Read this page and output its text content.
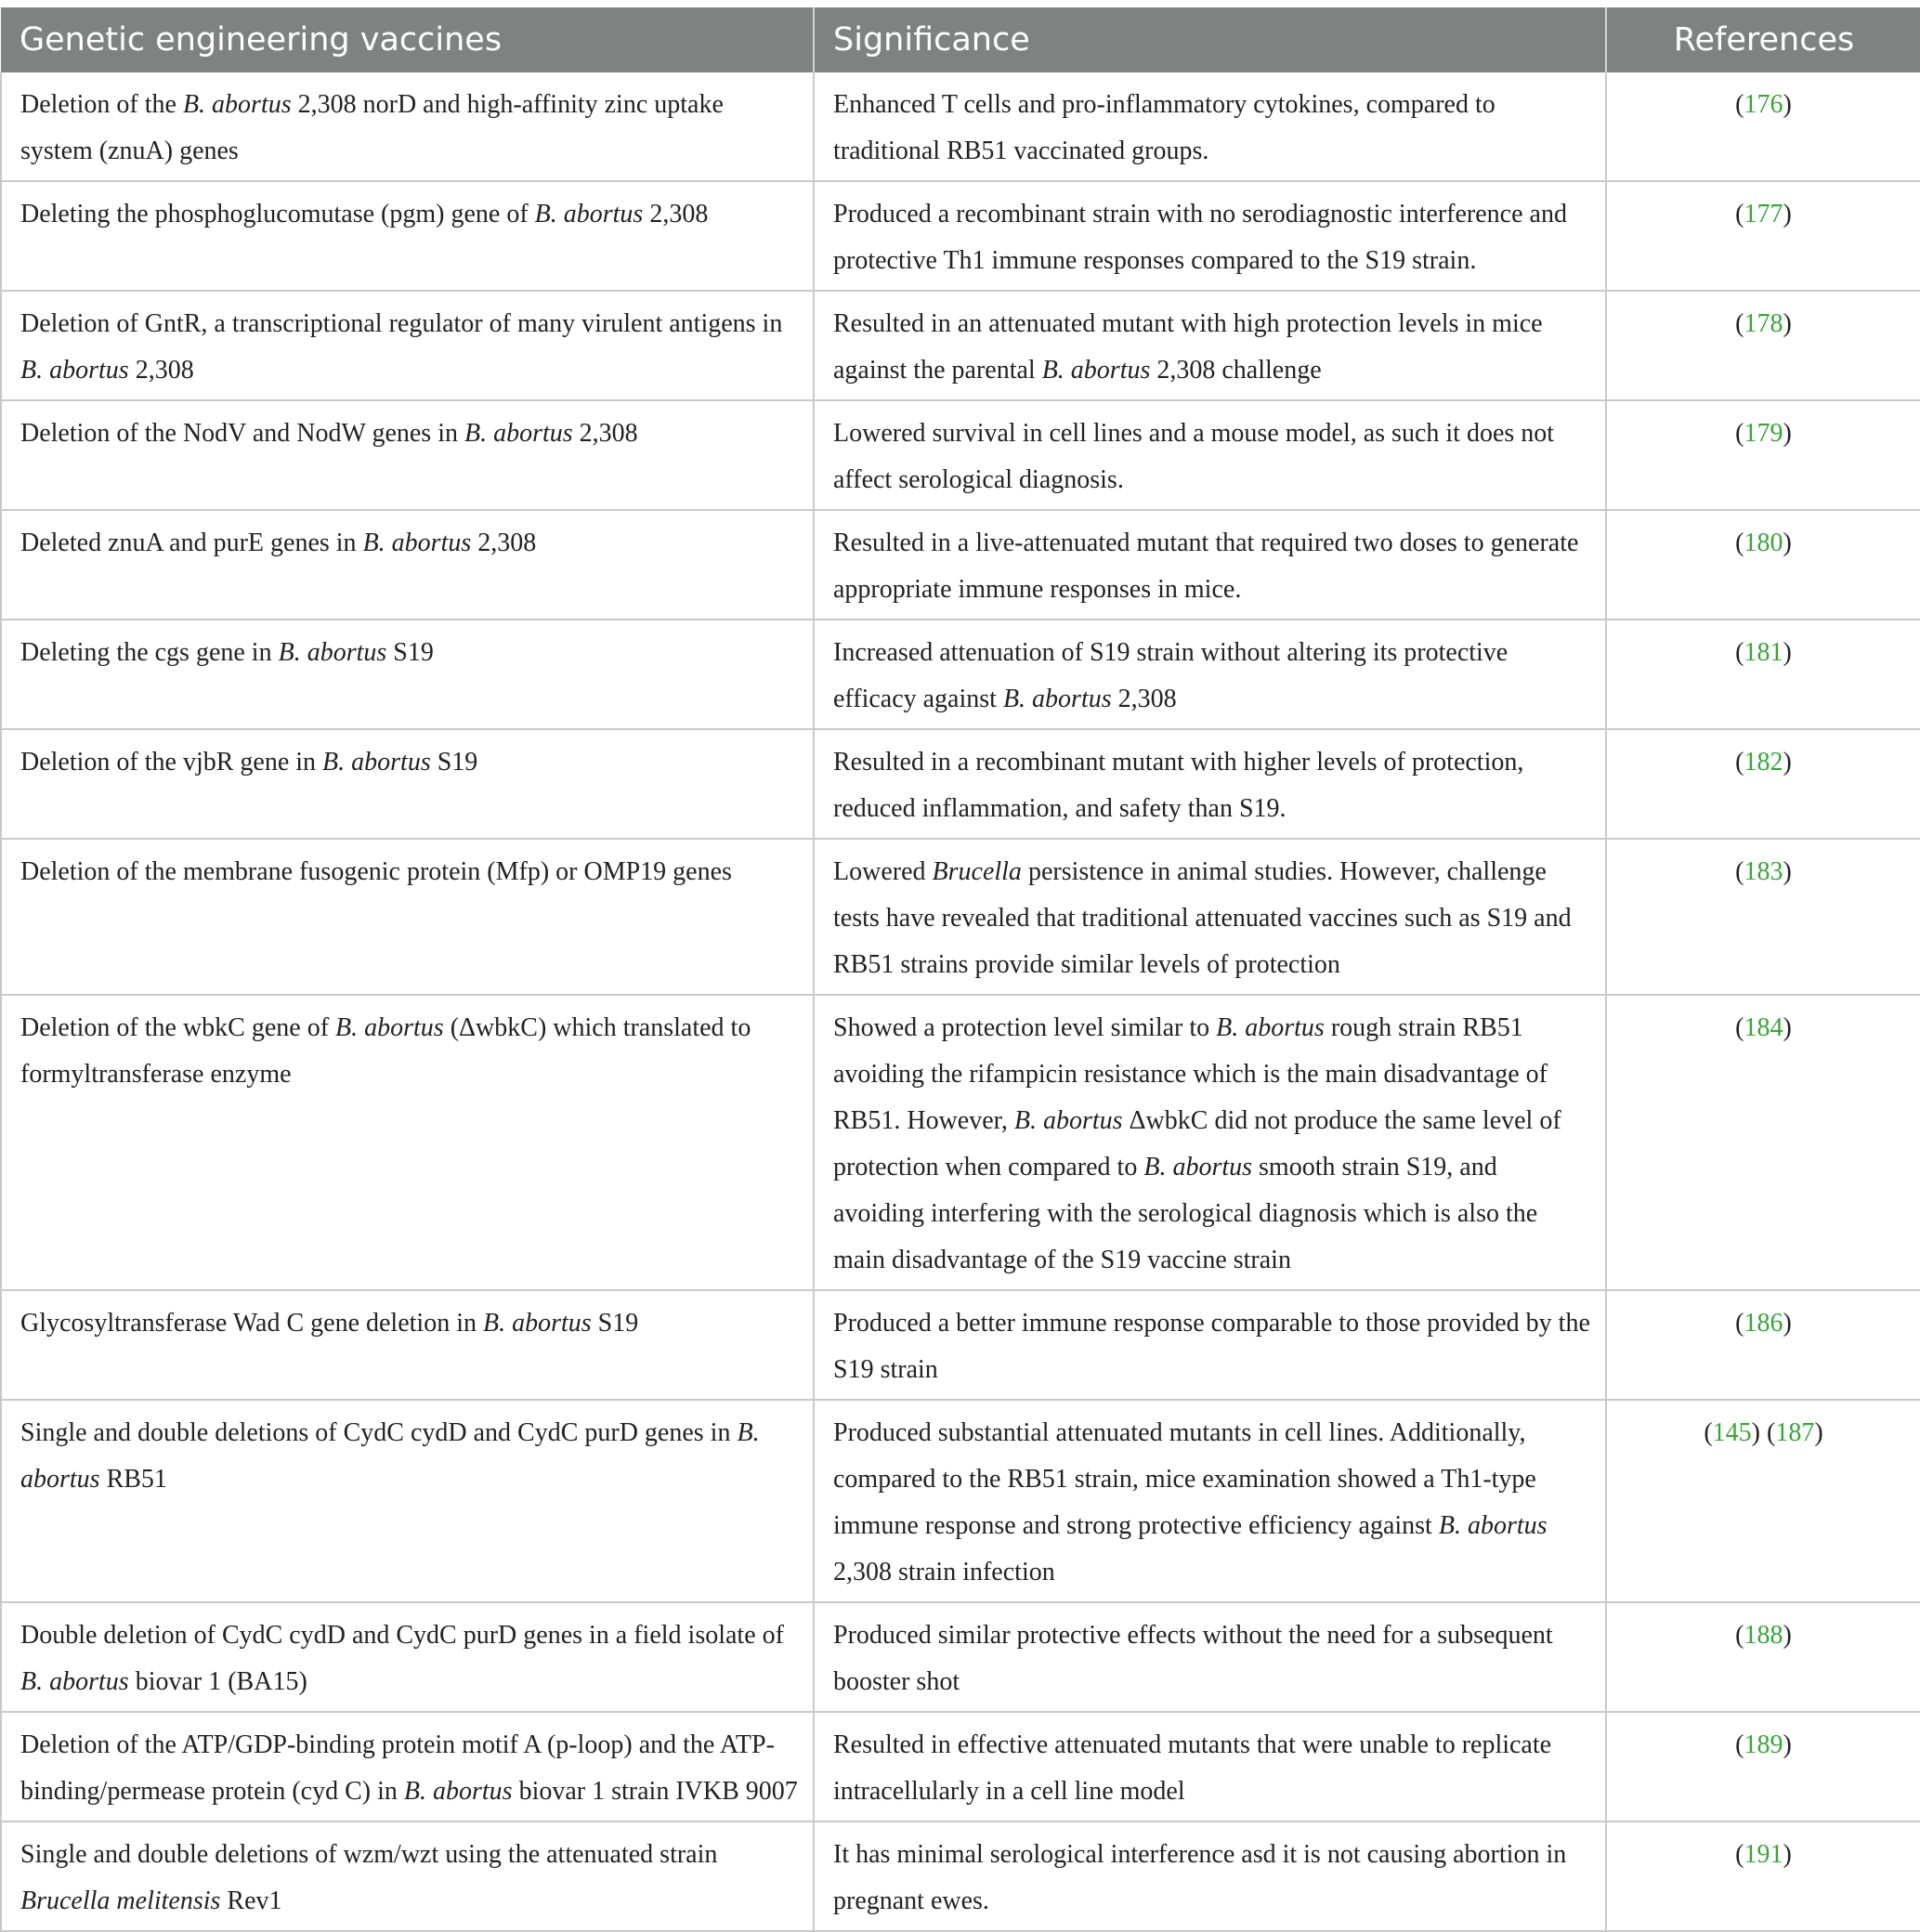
Genetic engineering vaccines	Significance	References
Deletion of the B. abortus 2,308 norD and high-affinity zinc uptake system (znuA) genes	Enhanced T cells and pro-inflammatory cytokines, compared to traditional RB51 vaccinated groups.	(176)
Deleting the phosphoglucomutase (pgm) gene of B. abortus 2,308	Produced a recombinant strain with no serodiagnostic interference and protective Th1 immune responses compared to the S19 strain.	(177)
Deletion of GntR, a transcriptional regulator of many virulent antigens in B. abortus 2,308	Resulted in an attenuated mutant with high protection levels in mice against the parental B. abortus 2,308 challenge	(178)
Deletion of the NodV and NodW genes in B. abortus 2,308	Lowered survival in cell lines and a mouse model, as such it does not affect serological diagnosis.	(179)
Deleted znuA and purE genes in B. abortus 2,308	Resulted in a live-attenuated mutant that required two doses to generate appropriate immune responses in mice.	(180)
Deleting the cgs gene in B. abortus S19	Increased attenuation of S19 strain without altering its protective efficacy against B. abortus 2,308	(181)
Deletion of the vjbR gene in B. abortus S19	Resulted in a recombinant mutant with higher levels of protection, reduced inflammation, and safety than S19.	(182)
Deletion of the membrane fusogenic protein (Mfp) or OMP19 genes	Lowered Brucella persistence in animal studies. However, challenge tests have revealed that traditional attenuated vaccines such as S19 and RB51 strains provide similar levels of protection	(183)
Deletion of the wbkC gene of B. abortus (ΔwbkC) which translated to formyltransferase enzyme	Showed a protection level similar to B. abortus rough strain RB51 avoiding the rifampicin resistance which is the main disadvantage of RB51. However, B. abortus ΔwbkC did not produce the same level of protection when compared to B. abortus smooth strain S19, and avoiding interfering with the serological diagnosis which is also the main disadvantage of the S19 vaccine strain	(184)
Glycosyltransferase Wad C gene deletion in B. abortus S19	Produced a better immune response comparable to those provided by the S19 strain	(186)
Single and double deletions of CydC cydD and CydC purD genes in B. abortus RB51	Produced substantial attenuated mutants in cell lines. Additionally, compared to the RB51 strain, mice examination showed a Th1-type immune response and strong protective efficiency against B. abortus 2,308 strain infection	(145) (187)
Double deletion of CydC cydD and CydC purD genes in a field isolate of B. abortus biovar 1 (BA15)	Produced similar protective effects without the need for a subsequent booster shot	(188)
Deletion of the ATP/GDP-binding protein motif A (p-loop) and the ATP-binding/permease protein (cyd C) in B. abortus biovar 1 strain IVKB 9007	Resulted in effective attenuated mutants that were unable to replicate intracellularly in a cell line model	(189)
Single and double deletions of wzm/wzt using the attenuated strain Brucella melitensis Rev1	It has minimal serological interference asd it is not causing abortion in pregnant ewes.	(191)
